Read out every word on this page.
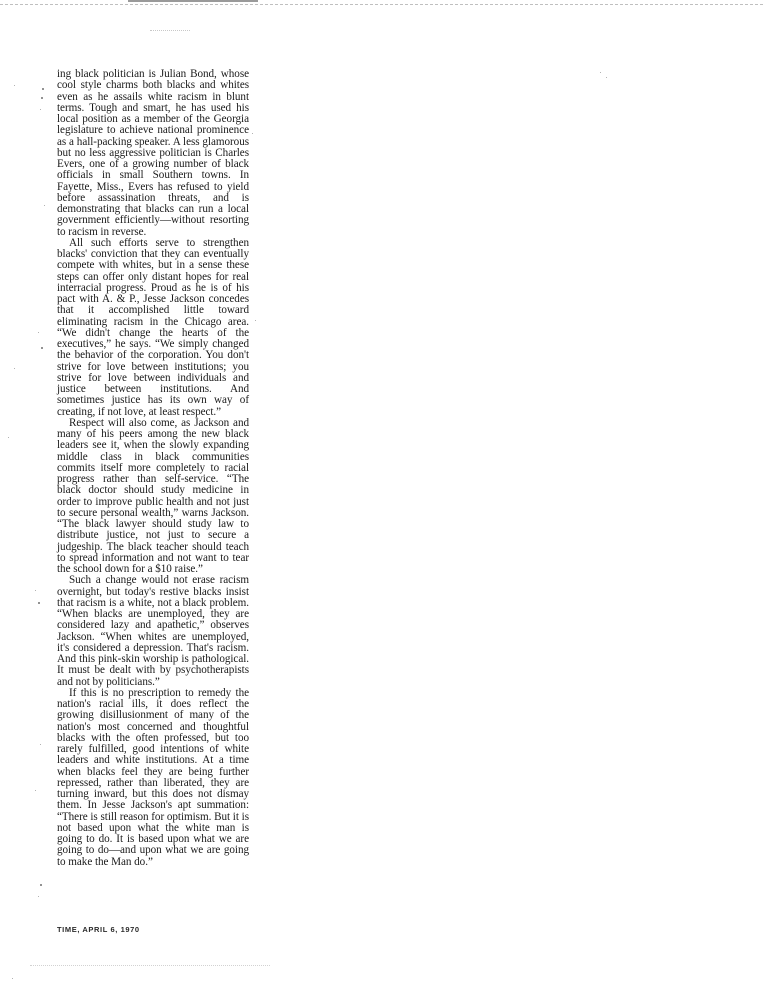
ing black politician is Julian Bond, whose cool style charms both blacks and whites even as he assails white racism in blunt terms. Tough and smart, he has used his local position as a member of the Georgia legislature to achieve national prominence as a hall-packing speaker. A less glamorous but no less aggressive politician is Charles Evers, one of a growing number of black officials in small Southern towns. In Fayette, Miss., Evers has refused to yield before assassination threats, and is demonstrating that blacks can run a local government efficiently—without resorting to racism in reverse.

All such efforts serve to strengthen blacks' conviction that they can eventually compete with whites, but in a sense these steps can offer only distant hopes for real interracial progress. Proud as he is of his pact with A. & P., Jesse Jackson concedes that it accomplished little toward eliminating racism in the Chicago area. “We didn't change the hearts of the executives,” he says. “We simply changed the behavior of the corporation. You don't strive for love between institutions; you strive for love between individuals and justice between institutions. And sometimes justice has its own way of creating, if not love, at least respect.”

Respect will also come, as Jackson and many of his peers among the new black leaders see it, when the slowly expanding middle class in black communities commits itself more completely to racial progress rather than self-service. “The black doctor should study medicine in order to improve public health and not just to secure personal wealth,” warns Jackson. “The black lawyer should study law to distribute justice, not just to secure a judgeship. The black teacher should teach to spread information and not want to tear the school down for a $10 raise.”

Such a change would not erase racism overnight, but today's restive blacks insist that racism is a white, not a black problem. “When blacks are unemployed, they are considered lazy and apathetic,” observes Jackson. “When whites are unemployed, it's considered a depression. That's racism. And this pink-skin worship is pathological. It must be dealt with by psychotherapists and not by politicians.”

If this is no prescription to remedy the nation's racial ills, it does reflect the growing disillusionment of many of the nation's most concerned and thoughtful blacks with the often professed, but too rarely fulfilled, good intentions of white leaders and white institutions. At a time when blacks feel they are being further repressed, rather than liberated, they are turning inward, but this does not dismay them. In Jesse Jackson's apt summation: “There is still reason for optimism. But it is not based upon what the white man is going to do. It is based upon what we are going to do—and upon what we are going to make the Man do.”

TIME, APRIL 6, 1970
